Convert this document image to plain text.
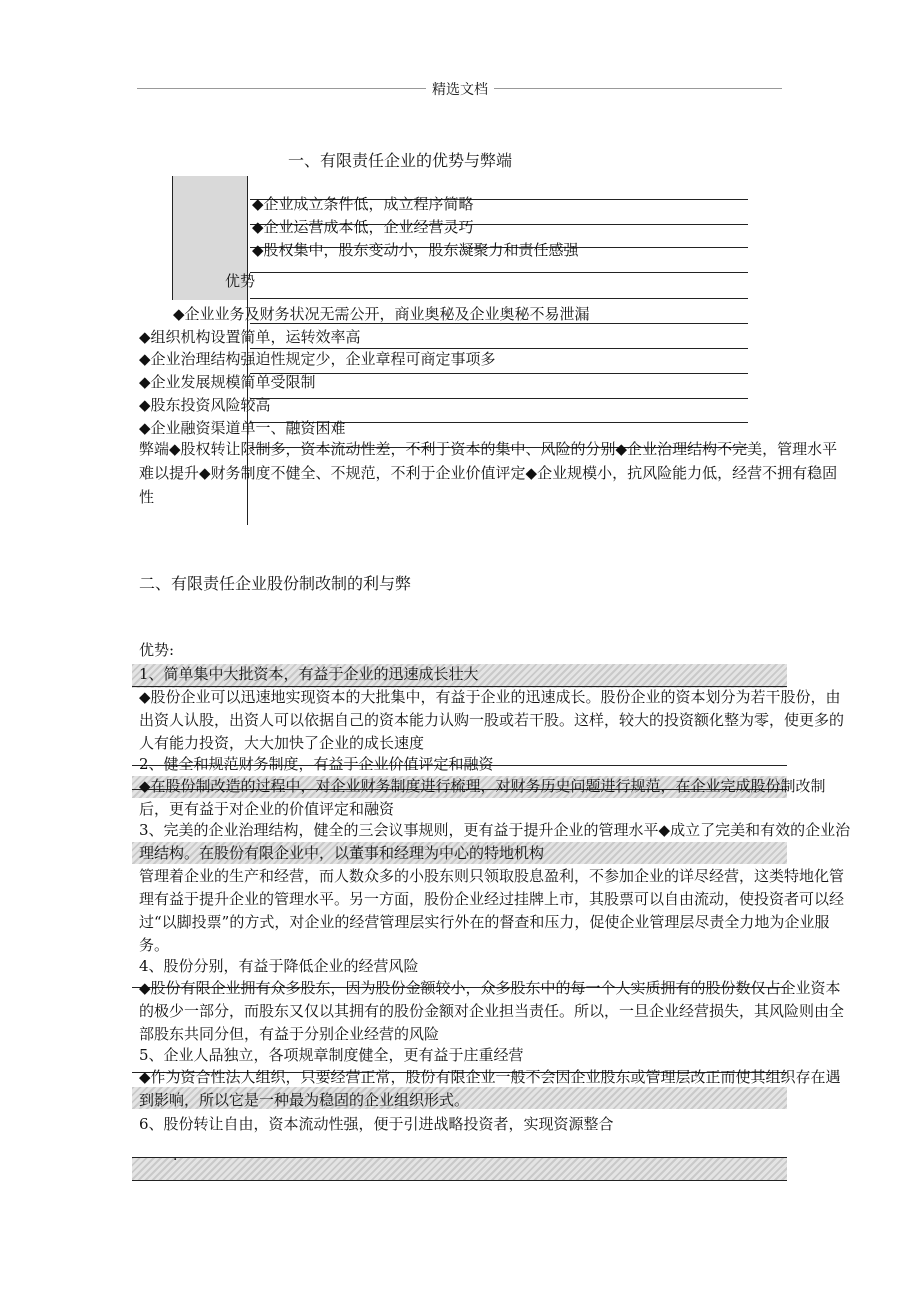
精选文档
一、有限责任企业的优势与弊端
◆企业成立条件低，成立程序简略
◆企业运营成本低，企业经营灵巧
◆股权集中，股东变动小，股东凝聚力和责任感强
优势
◆企业业务及财务状况无需公开，商业奥秘及企业奥秘不易泄漏
◆组织机构设置简单，运转效率高
◆企业治理结构强迫性规定少，企业章程可商定事项多
◆企业发展规模简单受限制
◆股东投资风险较高
◆企业融资渠道单一、融资困难
弊端◆股权转让限制多，资本流动性差，不利于资本的集中、风险的分别◆企业治理结构不完美，管理水平难以提升◆财务制度不健全、不规范，不利于企业价值评定◆企业规模小，抗风险能力低，经营不拥有稳固性
二、有限责任企业股份制改制的利与弊
优势:
1、简单集中大批资本，有益于企业的迅速成长壮大
◆股份企业可以迅速地实现资本的大批集中，有益于企业的迅速成长。股份企业的资本划分为若干股份，由出资人认股，出资人可以依据自己的资本能力认购一股或若干股。这样，较大的投资额化整为零，使更多的人有能力投资，大大加快了企业的成长速度
2、健全和规范财务制度，有益于企业价值评定和融资
◆在股份制改造的过程中，对企业财务制度进行梳理，对财务历史问题进行规范，在企业完成股份制改制后，更有益于对企业的价值评定和融资
3、完美的企业治理结构，健全的三会议事规则，更有益于提升企业的管理水平◆成立了完美和有效的企业治理结构。在股份有限企业中，以董事和经理为中心的特地机构
管理着企业的生产和经营，而人数众多的小股东则只领取股息盈利，不参加企业的详尽经营，这类特地化管理有益于提升企业的管理水平。另一方面，股份企业经过挂牌上市，其股票可以自由流动，使投资者可以经过“以脚投票”的方式，对企业的经营管理层实行外在的督查和压力，促使企业管理层尽责全力地为企业服务。
4、股份分别，有益于降低企业的经营风险
◆股份有限企业拥有众多股东，因为股份金额较小，众多股东中的每一个人实质拥有的股份数仅占企业资本的极少一部分，而股东又仅以其拥有的股份金额对企业担当责任。所以，一旦企业经营损失，其风险则由全部股东共同分但，有益于分别企业经营的风险
5、企业人品独立，各项规章制度健全，更有益于庄重经营
◆作为资合性法人组织，只要经营正常，股份有限企业一般不会因企业股东或管理层改正而使其组织存在遇到影响，所以它是一种最为稳固的企业组织形式。
6、股份转让自由，资本流动性强，便于引进战略投资者，实现资源整合
.
